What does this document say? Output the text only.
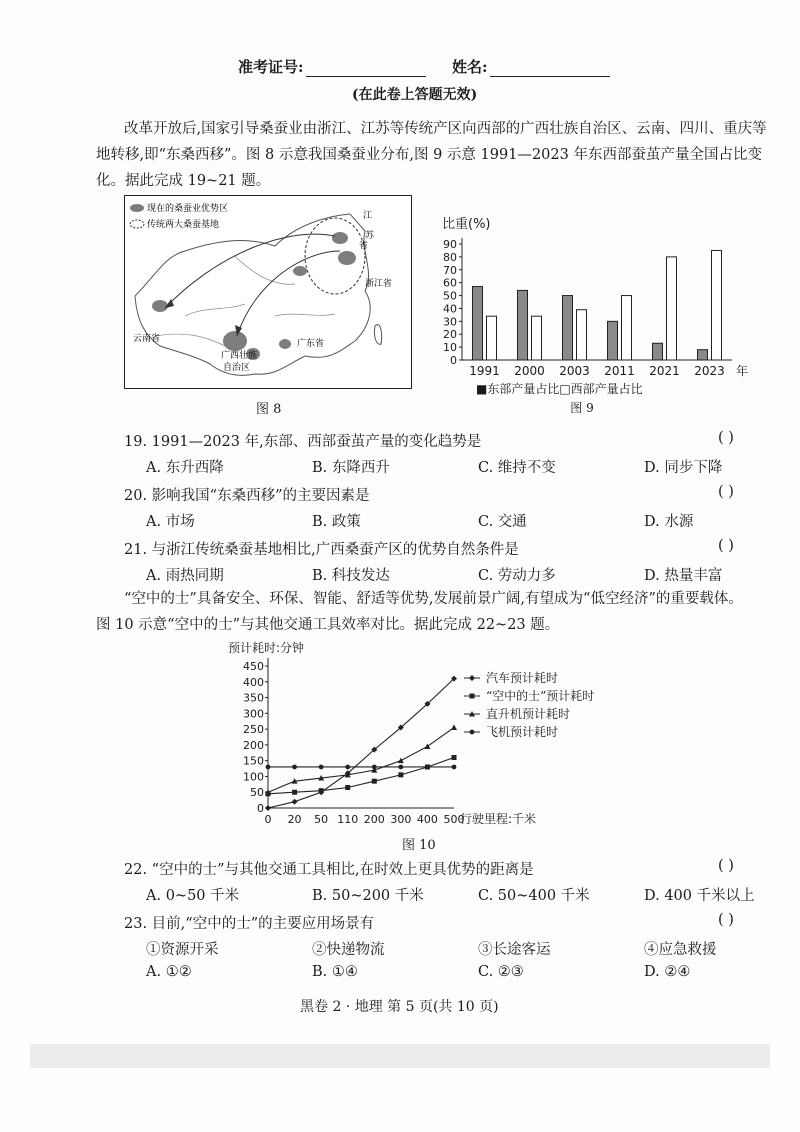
准考证号:	姓名:
(在此卷上答题无效)
改革开放后,国家引导桑蚕业由浙江、江苏等传统产区向西部的广西壮族自治区、云南、四川、重庆等
地转移,即“东桑西移”。图 8 示意我国桑蚕业分布,图 9 示意 1991—2023 年东西部蚕茧产量全国占比变
化。据此完成 19~21 题。
现在的桑蚕业优势区
传统两大桑蚕基地
江
苏
省
浙江省
云南省	广东省
广西壮族
自治区
图 8
比重(%)
0
10
20
30
40
50
60
70
80
90
1991 2000 2003 2011 2021 2023 年
■东部产量占比□西部产量占比
图 9
19. 1991—2023 年,东部、西部蚕茧产量的变化趋势是	( )
A. 东升西降	B. 东降西升	C. 维持不变	D. 同步下降
20. 影响我国“东桑西移”的主要因素是	( )
A. 市场	B. 政策	C. 交通	D. 水源
21. 与浙江传统桑蚕基地相比,广西桑蚕产区的优势自然条件是	( )
A. 雨热同期	B. 科技发达	C. 劳动力多	D. 热量丰富
“空中的士”具备安全、环保、智能、舒适等优势,发展前景广阔,有望成为“低空经济”的重要载体。
图 10 示意“空中的士”与其他交通工具效率对比。据此完成 22~23 题。
预计耗时:分钟
0
50
100
150
200
250
300
350
400
450
0 20 50 110 200 300 400 500
行驶里程:千米
汽车预计耗时
“空中的士”预计耗时
直升机预计耗时
飞机预计耗时
图 10
22. “空中的士”与其他交通工具相比,在时效上更具优势的距离是	( )
A. 0~50 千米	B. 50~200 千米	C. 50~400 千米	D. 400 千米以上
23. 目前,“空中的士”的主要应用场景有	( )
①资源开采	②快递物流	③长途客运	④应急救援
A. ①②	B. ①④	C. ②③	D. ②④
黑卷 2 · 地理 第 5 页(共 10 页)
